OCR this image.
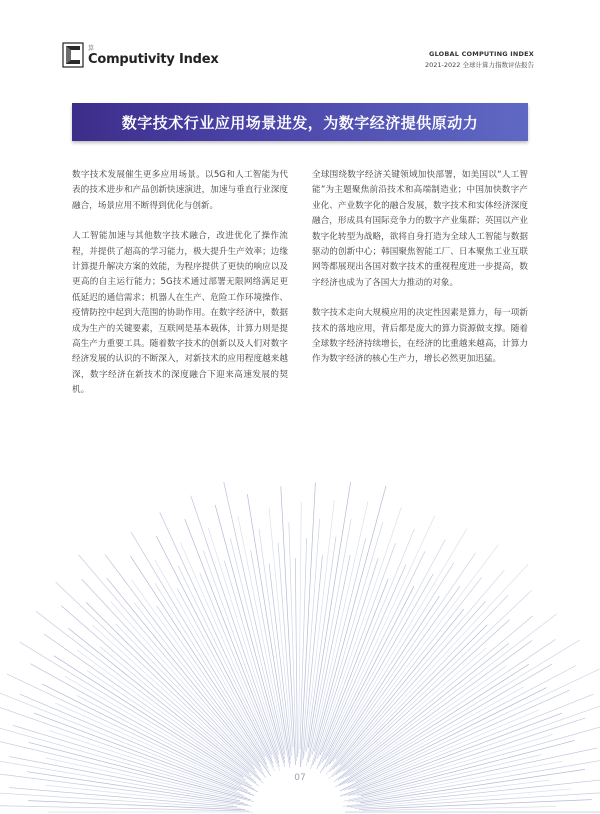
算
Computivity Index	GLOBAL COMPUTING INDEX
2021-2022 全球计算力指数评估报告
数字技术行业应用场景进发，为数字经济提供原动力

数字技术发展催生更多应用场景。以5G和人工智能为代表的技术进步和产品创新快速演进，加速与垂直行业深度融合，场景应用不断得到优化与创新。

人工智能加速与其他数字技术融合，改进优化了操作流程，并提供了超高的学习能力，极大提升生产效率；边缘计算提升解决方案的效能，为程序提供了更快的响应以及更高的自主运行能力；5G技术通过部署无限网络满足更低延迟的通信需求；机器人在生产、危险工作环境操作、疫情防控中起到大范围的协助作用。在数字经济中，数据成为生产的关键要素，互联网是基本载体，计算力则是提高生产力重要工具。随着数字技术的创新以及人们对数字经济发展的认识的不断深入，对新技术的应用程度越来越深，数字经济在新技术的深度融合下迎来高速发展的契机。

全球围绕数字经济关键领域加快部署，如美国以“人工智能”为主题聚焦前沿技术和高端制造业；中国加快数字产业化、产业数字化的融合发展，数字技术和实体经济深度融合，形成具有国际竞争力的数字产业集群；英国以产业数字化转型为战略，欲将自身打造为全球人工智能与数据驱动的创新中心；韩国聚焦智能工厂、日本聚焦工业互联网等都展现出各国对数字技术的重视程度进一步提高，数字经济也成为了各国大力推动的对象。

数字技术走向大规模应用的决定性因素是算力，每一项新技术的落地应用，背后都是庞大的算力资源做支撑。随着全球数字经济持续增长，在经济的比重越来越高，计算力作为数字经济的核心生产力，增长必然更加迅猛。

07
